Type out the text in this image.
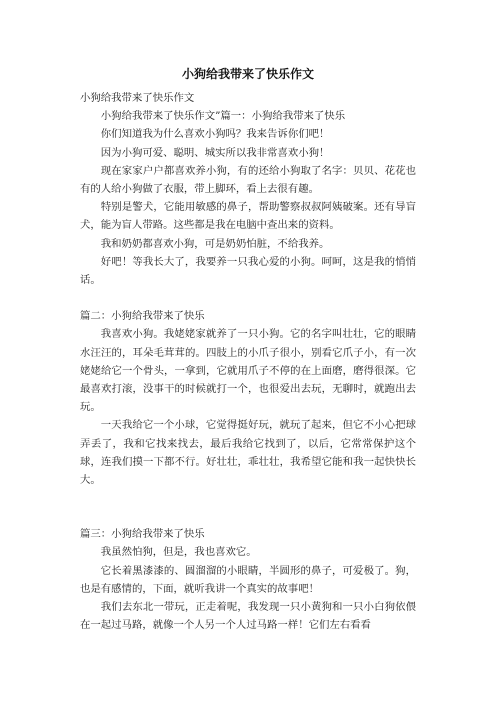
小狗给我带来了快乐作文

小狗给我带来了快乐作文

小狗给我带来了快乐作文”篇一：小狗给我带来了快乐

你们知道我为什么喜欢小狗吗？我来告诉你们吧！

因为小狗可爱、聪明、城实所以我非常喜欢小狗！

现在家家户户都喜欢养小狗，有的还给小狗取了名字：贝贝、花花也有的人给小狗做了衣服，带上脚环，看上去很有趣。

特别是警犬，它能用敏感的鼻子，帮助警察叔叔阿姨破案。还有导盲犬，能为盲人带路。这些都是我在电脑中查出来的资料。

我和奶奶都喜欢小狗，可是奶奶怕脏，不给我养。

好吧！等我长大了，我要养一只我心爱的小狗。呵呵，这是我的悄悄话。

篇二：小狗给我带来了快乐

我喜欢小狗。我姥姥家就养了一只小狗。它的名字叫壮壮，它的眼睛水汪汪的，耳朵毛茸茸的。四肢上的小爪子很小，别看它爪子小，有一次姥姥给它一个骨头，一拿到，它就用爪子不停的在上面磨，磨得很深。它最喜欢打滚，没事干的时候就打一个，也很爱出去玩，无聊时，就跑出去玩。

一天我给它一个小球，它觉得挺好玩，就玩了起来，但它不小心把球弄丢了，我和它找来找去，最后我给它找到了，以后，它常常保护这个球，连我们摸一下都不行。好壮壮，乖壮壮，我希望它能和我一起快快长大。

篇三：小狗给我带来了快乐

我虽然怕狗，但是，我也喜欢它。

它长着黑漆漆的、圆溜溜的小眼睛，半圆形的鼻子，可爱极了。狗，也是有感情的，下面，就听我讲一个真实的故事吧！

我们去东北一带玩，正走着呢，我发现一只小黄狗和一只小白狗依偎在一起过马路，就像一个人另一个人过马路一样！它们左右看看
